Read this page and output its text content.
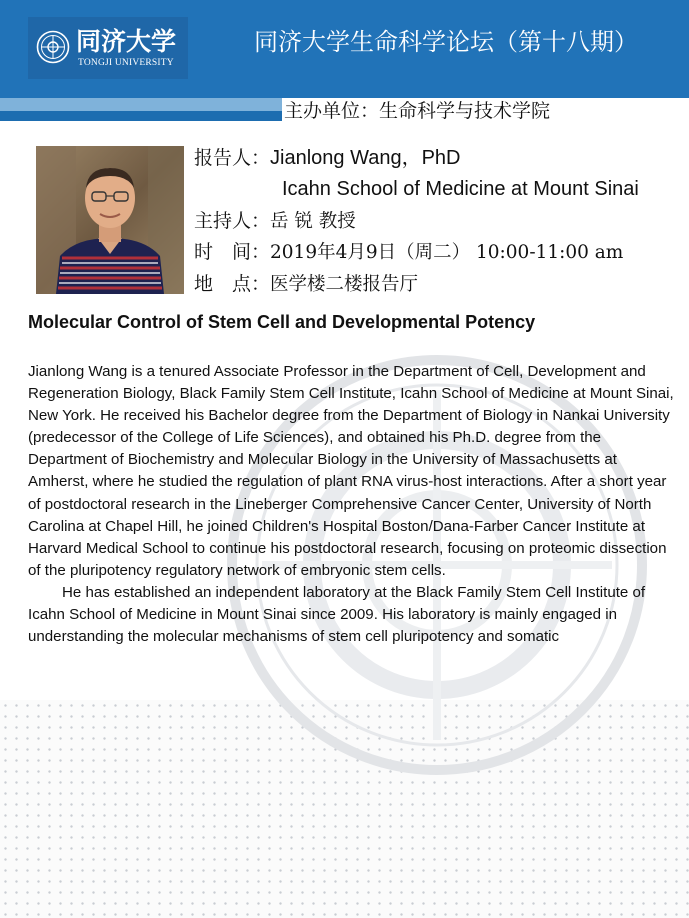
同济大学
TONGJI UNIVERSITY
同济大学生命科学论坛（第十八期）
主办单位：生命科学与技术学院
报告人：Jianlong Wang，PhD
Icahn School of Medicine at Mount Sinai
主持人：岳 锐 教授
时　间：2019年4月9日（周二） 10:00-11:00 am
地　点：医学楼二楼报告厅
Molecular Control of Stem Cell and Developmental Potency

Jianlong Wang is a tenured Associate Professor in the Department of Cell, Development and Regeneration Biology, Black Family Stem Cell Institute, Icahn School of Medicine at Mount Sinai, New York. He received his Bachelor degree from the Department of Biology in Nankai University (predecessor of the College of Life Sciences), and obtained his Ph.D. degree from the Department of Biochemistry and Molecular Biology in the University of Massachusetts at Amherst, where he studied the regulation of plant RNA virus-host interactions. After a short year of postdoctoral research in the Lineberger Comprehensive Cancer Center, University of North Carolina at Chapel Hill, he joined Children's Hospital Boston/Dana-Farber Cancer Institute at Harvard Medical School to continue his postdoctoral research, focusing on proteomic dissection of the pluripotency regulatory network of embryonic stem cells.

He has established an independent laboratory at the Black Family Stem Cell Institute of Icahn School of Medicine in Mount Sinai since 2009. His laboratory is mainly engaged in understanding the molecular mechanisms of stem cell pluripotency and somatic
